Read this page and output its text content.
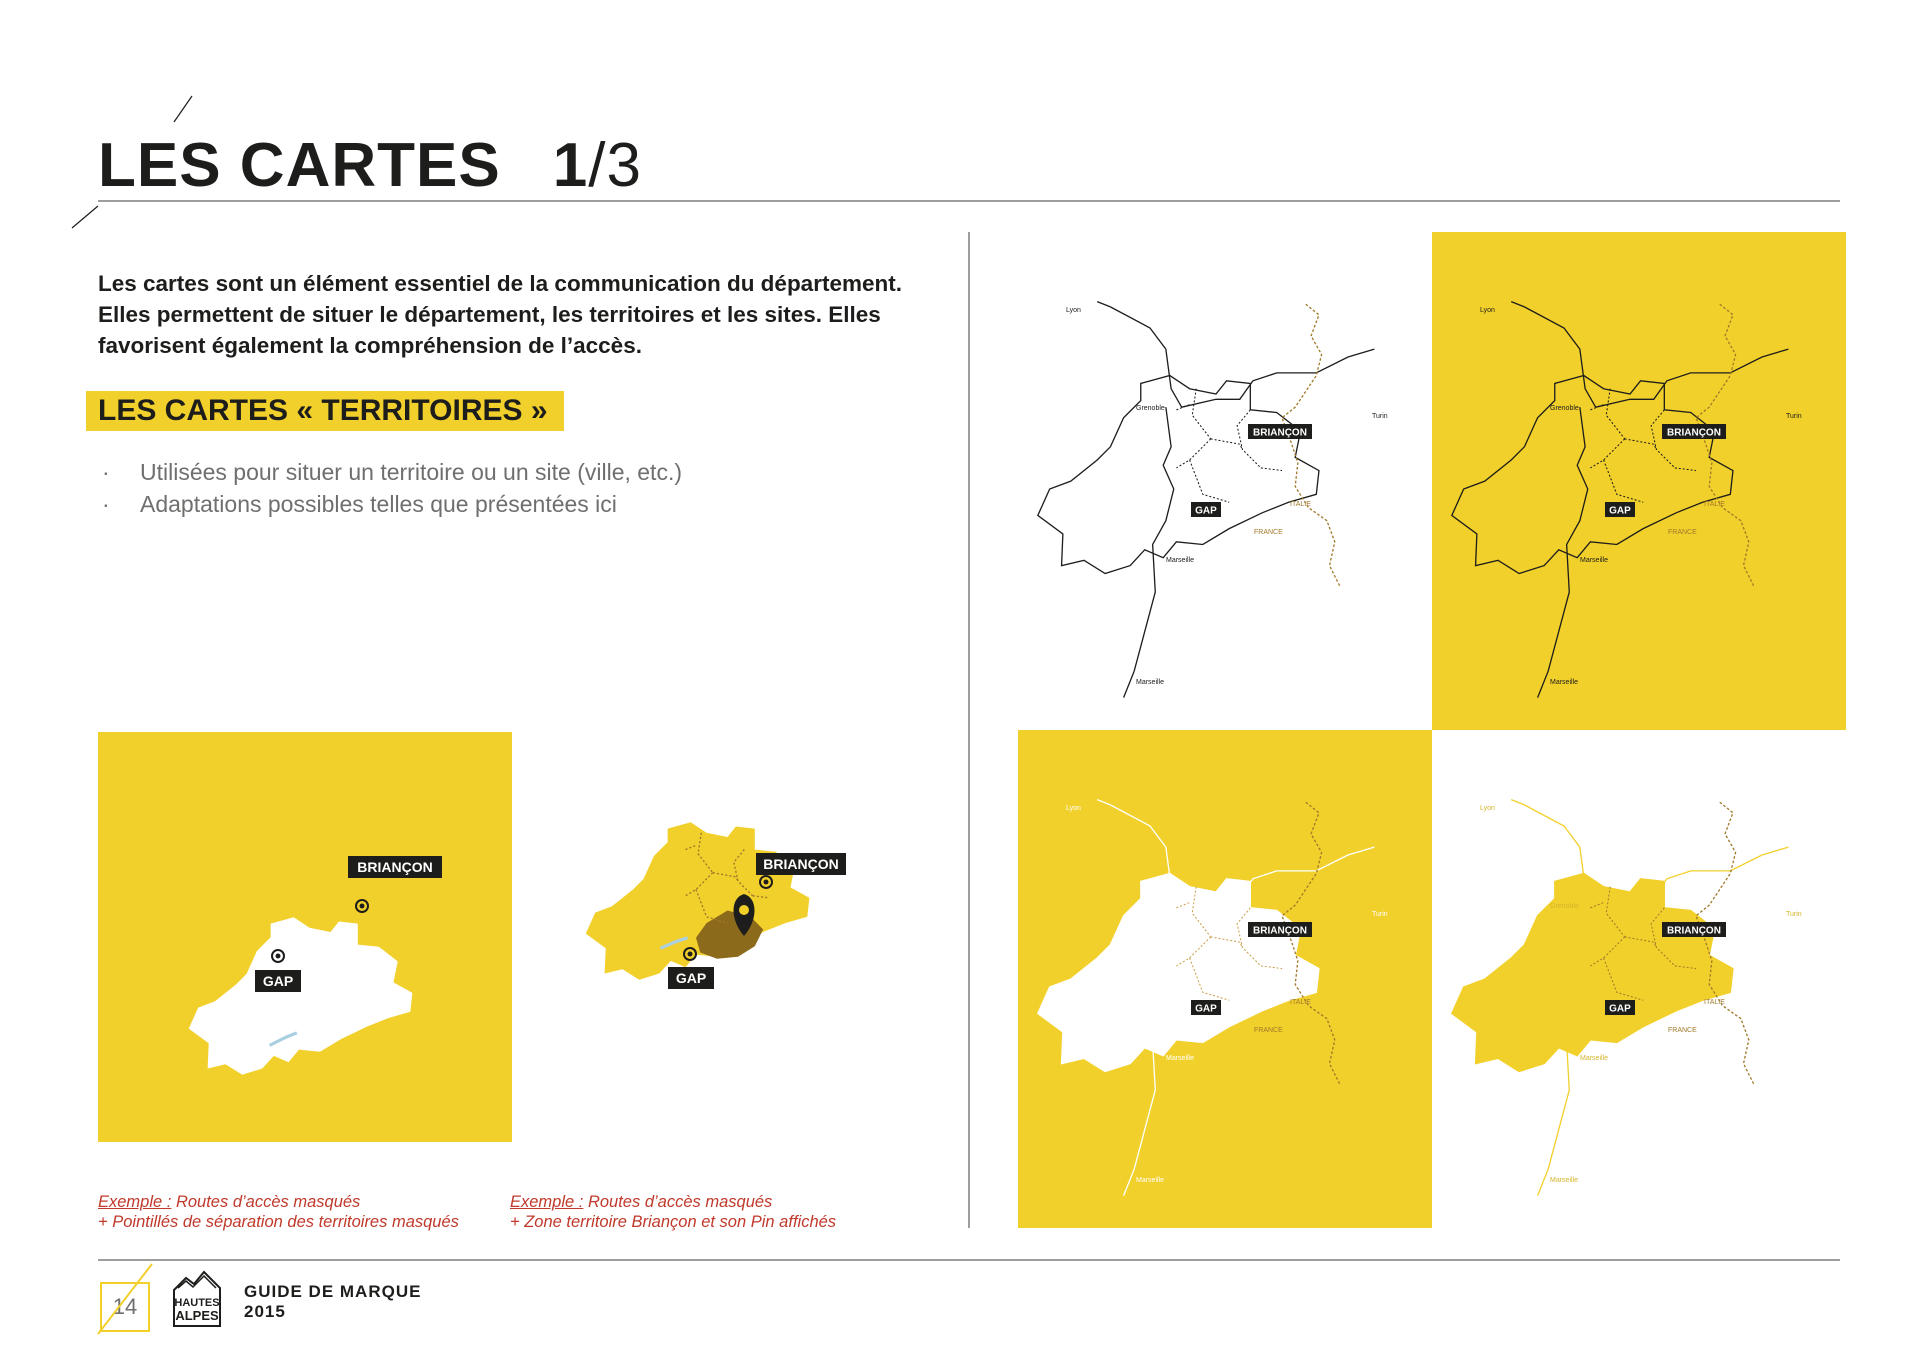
LES CARTES 1/3
Les cartes sont un élément essentiel de la communication du département. Elles permettent de situer le département, les territoires et les sites. Elles favorisent également la compréhension de l’accès.
LES CARTES « TERRITOIRES »
· Utilisées pour situer un territoire ou un site (ville, etc.)
· Adaptations possibles telles que présentées ici
BRIANÇON
GAP
BRIANÇON
GAP
Lyon
Grenoble
Turin
Marseille
Marseille
ITALIE
FRANCE
BRIANÇON
GAP
Lyon
Grenoble
Turin
Marseille
Marseille
ITALIE
FRANCE
BRIANÇON
GAP
Lyon
Grenoble
Turin
Marseille
Marseille
ITALIE
FRANCE
BRIANÇON
GAP
Lyon
Grenoble
Turin
Marseille
Marseille
ITALIE
FRANCE
BRIANÇON
GAP
Exemple : Routes d’accès masqués
+ Pointillés de séparation des territoires masqués
Exemple : Routes d’accès masqués
+ Zone territoire Briançon et son Pin affichés
14	HAUTES
ALPES
GUIDE DE MARQUE
2015
